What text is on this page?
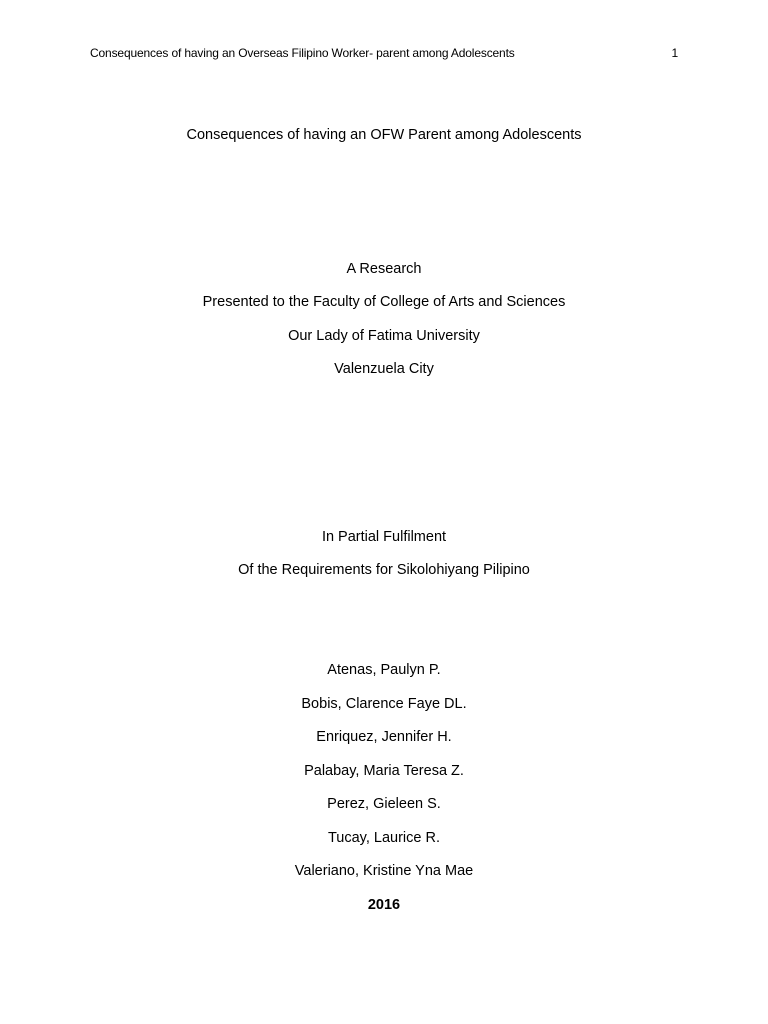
Consequences of having an Overseas Filipino Worker- parent among Adolescents	1
Consequences of having an OFW Parent among Adolescents
A Research
Presented to the Faculty of College of Arts and Sciences
Our Lady of Fatima University
Valenzuela City
In Partial Fulfilment
Of the Requirements for Sikolohiyang Pilipino
Atenas, Paulyn P.
Bobis, Clarence Faye DL.
Enriquez, Jennifer H.
Palabay, Maria Teresa Z.
Perez, Gieleen S.
Tucay, Laurice R.
Valeriano, Kristine Yna Mae
2016
